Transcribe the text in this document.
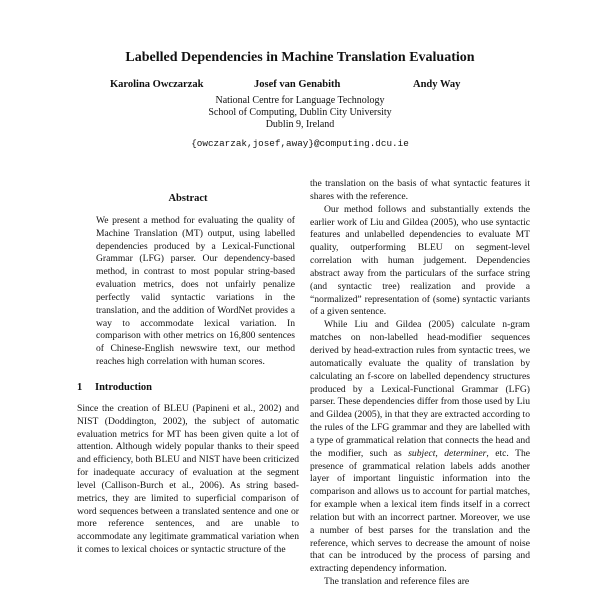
Labelled Dependencies in Machine Translation Evaluation
Karolina Owczarzak	Josef van Genabith	Andy Way
National Centre for Language Technology
School of Computing, Dublin City University
Dublin 9, Ireland
{owczarzak,josef,away}@computing.dcu.ie
Abstract

We present a method for evaluating the quality of Machine Translation (MT) output, using labelled dependencies produced by a Lexical-Functional Grammar (LFG) parser. Our dependency-based method, in contrast to most popular string-based evaluation metrics, does not unfairly penalize perfectly valid syntactic variations in the translation, and the addition of WordNet provides a way to accommodate lexical variation. In comparison with other metrics on 16,800 sentences of Chinese-English newswire text, our method reaches high correlation with human scores.

1 Introduction

Since the creation of BLEU (Papineni et al., 2002) and NIST (Doddington, 2002), the subject of automatic evaluation metrics for MT has been given quite a lot of attention. Although widely popular thanks to their speed and efficiency, both BLEU and NIST have been criticized for inadequate accuracy of evaluation at the segment level (Callison-Burch et al., 2006). As string based-metrics, they are limited to superficial comparison of word sequences between a translated sentence and one or more reference sentences, and are unable to accommodate any legitimate grammatical variation when it comes to lexical choices or syntactic structure of the

the translation on the basis of what syntactic features it shares with the reference.

Our method follows and substantially extends the earlier work of Liu and Gildea (2005), who use syntactic features and unlabelled dependencies to evaluate MT quality, outperforming BLEU on segment-level correlation with human judgement. Dependencies abstract away from the particulars of the surface string (and syntactic tree) realization and provide a “normalized” representation of (some) syntactic variants of a given sentence.

While Liu and Gildea (2005) calculate n-gram matches on non-labelled head-modifier sequences derived by head-extraction rules from syntactic trees, we automatically evaluate the quality of translation by calculating an f-score on labelled dependency structures produced by a Lexical-Functional Grammar (LFG) parser. These dependencies differ from those used by Liu and Gildea (2005), in that they are extracted according to the rules of the LFG grammar and they are labelled with a type of grammatical relation that connects the head and the modifier, such as subject, determiner, etc. The presence of grammatical relation labels adds another layer of important linguistic information into the comparison and allows us to account for partial matches, for example when a lexical item finds itself in a correct relation but with an incorrect partner. Moreover, we use a number of best parses for the translation and the reference, which serves to decrease the amount of noise that can be introduced by the process of parsing and extracting dependency information.

The translation and reference files are
